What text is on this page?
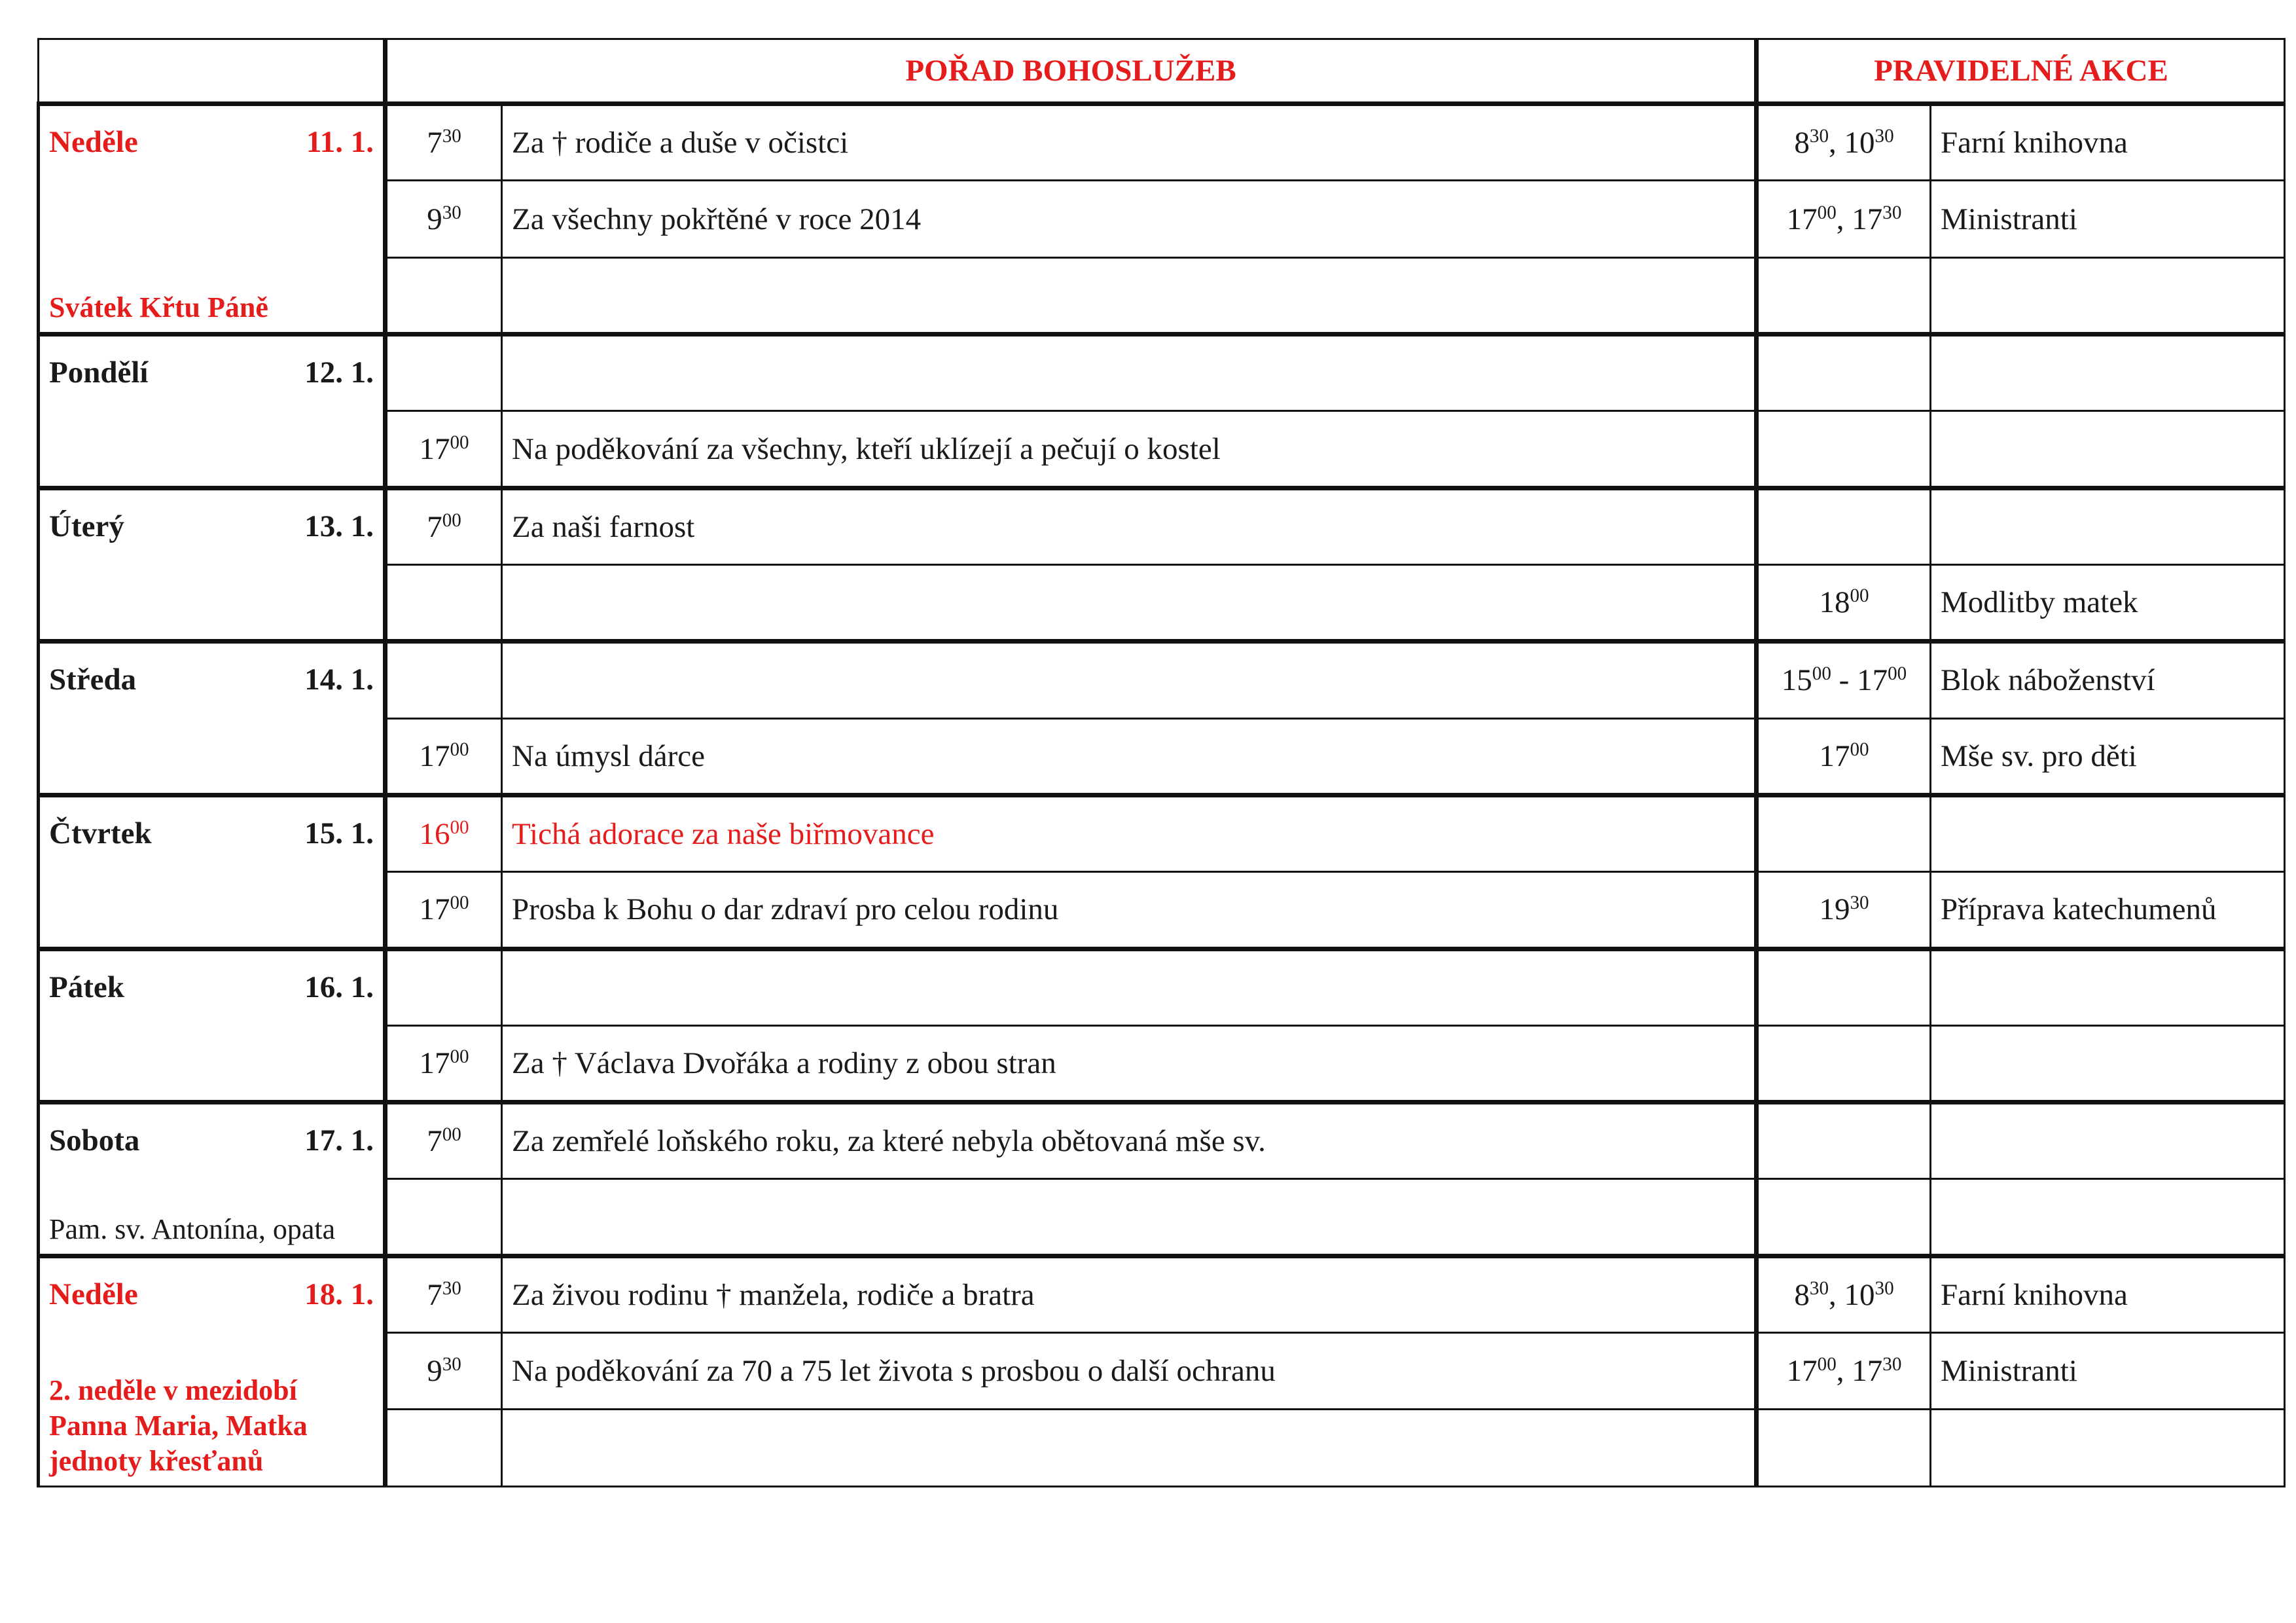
	POŘAD BOHOSLUŽEB		PRAVIDELNÉ AKCE	

Neděle 11. 1.
Svátek Křtu Páně	$7^{30}$	Za † rodiče a duše v očistci	$8^{30}$, $10^{30}$	Farní knihovna
	$9^{30}$	Za všechny pokřtěné v roce 2014	$17^{00}$, $17^{30}$	Ministranti

Pondělí 12. 1.				

	$17^{00}$	Na poděkování za všechny, kteří uklízejí a pečují o kostel		

Úterý 13. 1.	$7^{00}$	Za naši farnost		
			$18^{00}$	Modlitby matek

Středa 14. 1.			$15^{00} - 17^{00}$	Blok náboženství
	$17^{00}$	Na úmysl dárce	$17^{00}$	Mše sv. pro děti

Čtvrtek 15. 1.	$16^{00}$	Tichá adorace za naše biřmovance		
	$17^{00}$	Prosba k Bohu o dar zdraví pro celou rodinu	$19^{30}$	Příprava katechumenů

Pátek 16. 1.				

	$17^{00}$	Za † Václava Dvořáka a rodiny z obou stran		

Sobota 17. 1.
Pam. sv. Antonína, opata	$7^{00}$	Za zemřelé loňského roku, za které nebyla obětovaná mše sv.		

Neděle 18. 1.
2. neděle v mezidobí
Panna Maria, Matka
jednoty křesťanů	$7^{30}$	Za živou rodinu † manžela, rodiče a bratra	$8^{30}$, $10^{30}$	Farní knihovna
	$9^{30}$	Na poděkování za 70 a 75 let života s prosbou o další ochranu	$17^{00}$, $17^{30}$	Ministranti
